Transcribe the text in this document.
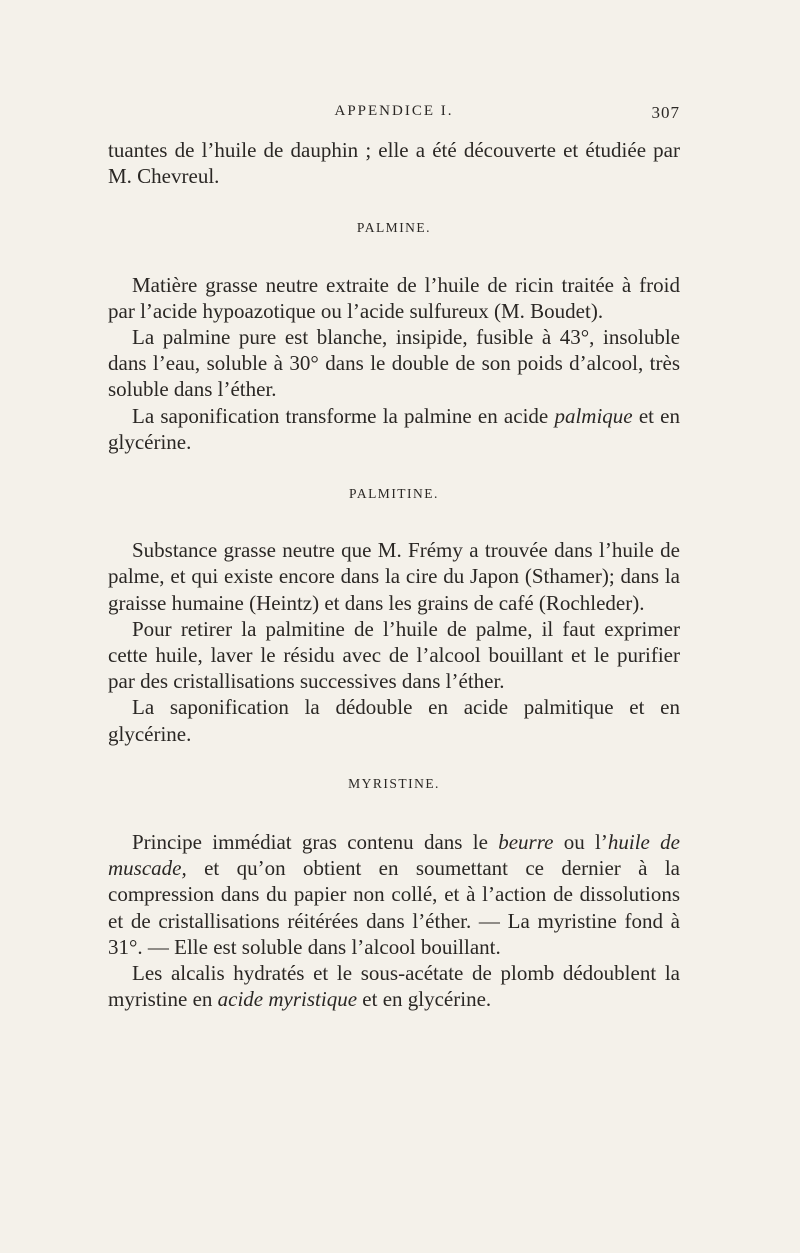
APPENDICE I.	307

tuantes de l’huile de dauphin ; elle a été découverte et étudiée par M. Chevreul.

PALMINE.

Matière grasse neutre extraite de l’huile de ricin traitée à froid par l’acide hypoazotique ou l’acide sulfureux (M. Boudet).

La palmine pure est blanche, insipide, fusible à 43°, insoluble dans l’eau, soluble à 30° dans le double de son poids d’alcool, très soluble dans l’éther.

La saponification transforme la palmine en acide palmique et en glycérine.

PALMITINE.

Substance grasse neutre que M. Frémy a trouvée dans l’huile de palme, et qui existe encore dans la cire du Japon (Sthamer); dans la graisse humaine (Heintz) et dans les grains de café (Rochleder).

Pour retirer la palmitine de l’huile de palme, il faut exprimer cette huile, laver le résidu avec de l’alcool bouillant et le purifier par des cristallisations successives dans l’éther.

La saponification la dédouble en acide palmitique et en glycérine.

MYRISTINE.

Principe immédiat gras contenu dans le beurre ou l’huile de muscade, et qu’on obtient en soumettant ce dernier à la compression dans du papier non collé, et à l’action de dissolutions et de cristallisations réitérées dans l’éther. — La myristine fond à 31°. — Elle est soluble dans l’alcool bouillant.

Les alcalis hydratés et le sous-acétate de plomb dédoublent la myristine en acide myristique et en glycérine.
